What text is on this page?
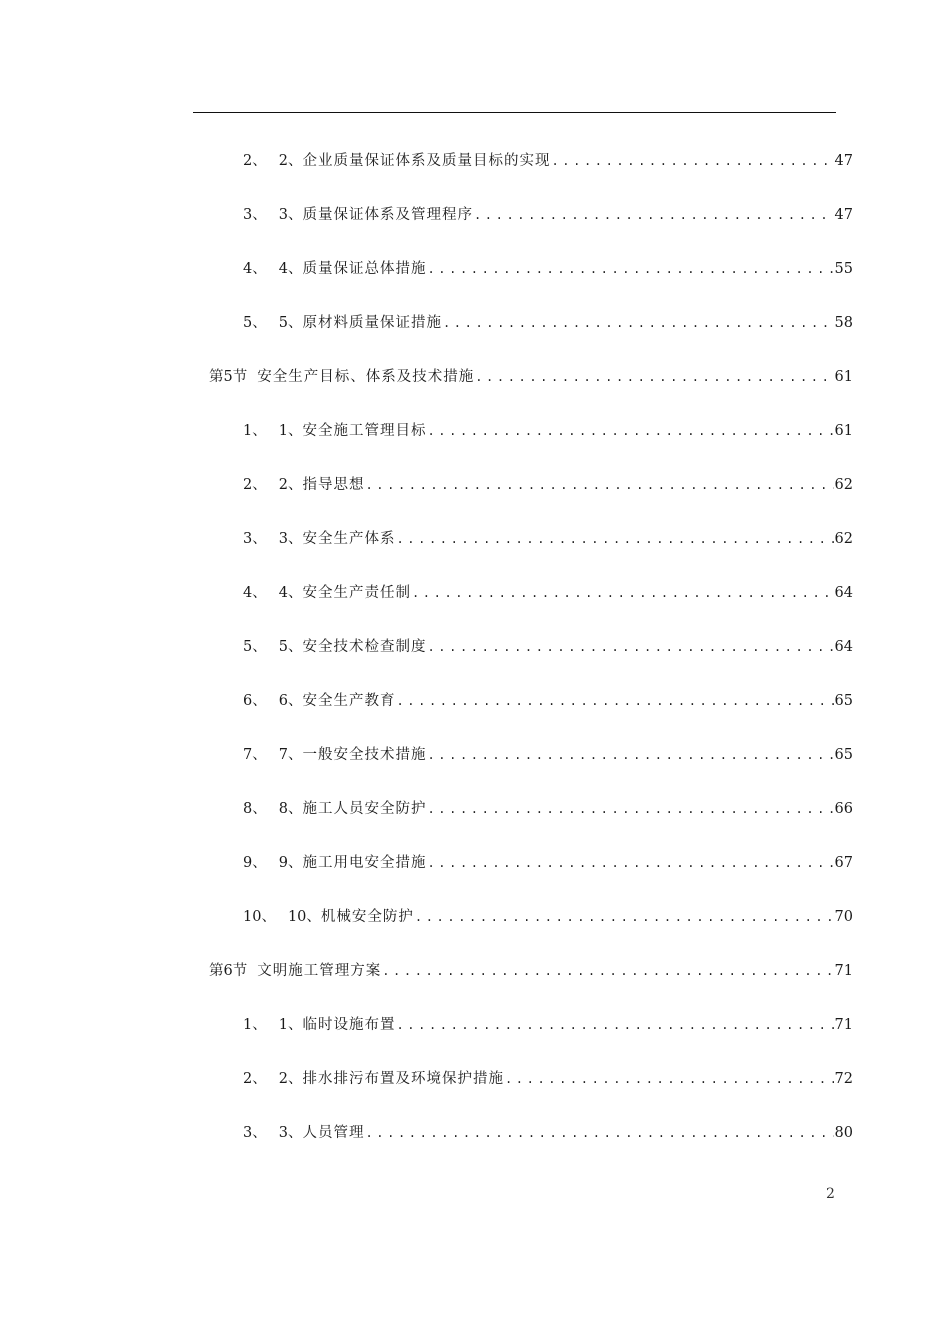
2、 2、 企业质量保证体系及质量目标的实现 .....	47
3、 3、 质量保证体系及管理程序 .....	47
4、 4、 质量保证总体措施 .....	55
5、 5、 原材料质量保证措施 .....	58
第5节 安全生产目标、体系及技术措施 .....	61
1、 1、 安全施工管理目标 .....	61
2、 2、 指导思想 .....	62
3、 3、 安全生产体系 .....	62
4、 4、 安全生产责任制 .....	64
5、 5、 安全技术检查制度 .....	64
6、 6、 安全生产教育 .....	65
7、 7、 一般安全技术措施 .....	65
8、 8、 施工人员安全防护 .....	66
9、 9、 施工用电安全措施 .....	67
10、 10、 机械安全防护 .....	70
第6节 文明施工管理方案 .....	71
1、 1、 临时设施布置 .....	71
2、 2、 排水排污布置及环境保护措施 .....	72
3、 3、 人员管理 .....	80
2
